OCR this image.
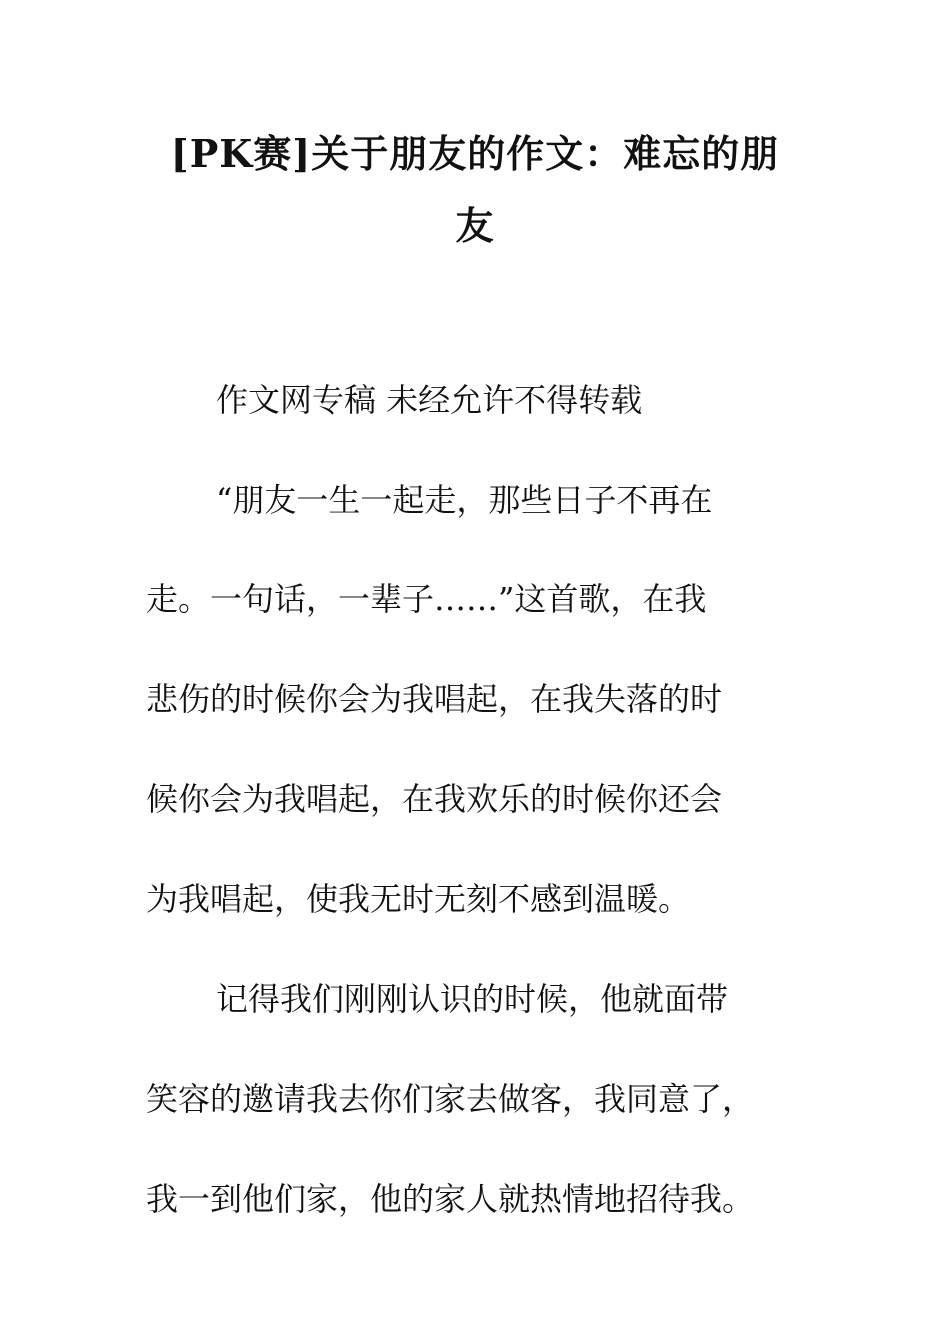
[PK赛]关于朋友的作文：难忘的朋
友

作文网专稿 未经允许不得转载

“朋友一生一起走，那些日子不再在

走。一句话，一辈子……”这首歌，在我

悲伤的时候你会为我唱起，在我失落的时

候你会为我唱起，在我欢乐的时候你还会

为我唱起，使我无时无刻不感到温暖。

记得我们刚刚认识的时候，他就面带

笑容的邀请我去你们家去做客，我同意了，

我一到他们家，他的家人就热情地招待我。
